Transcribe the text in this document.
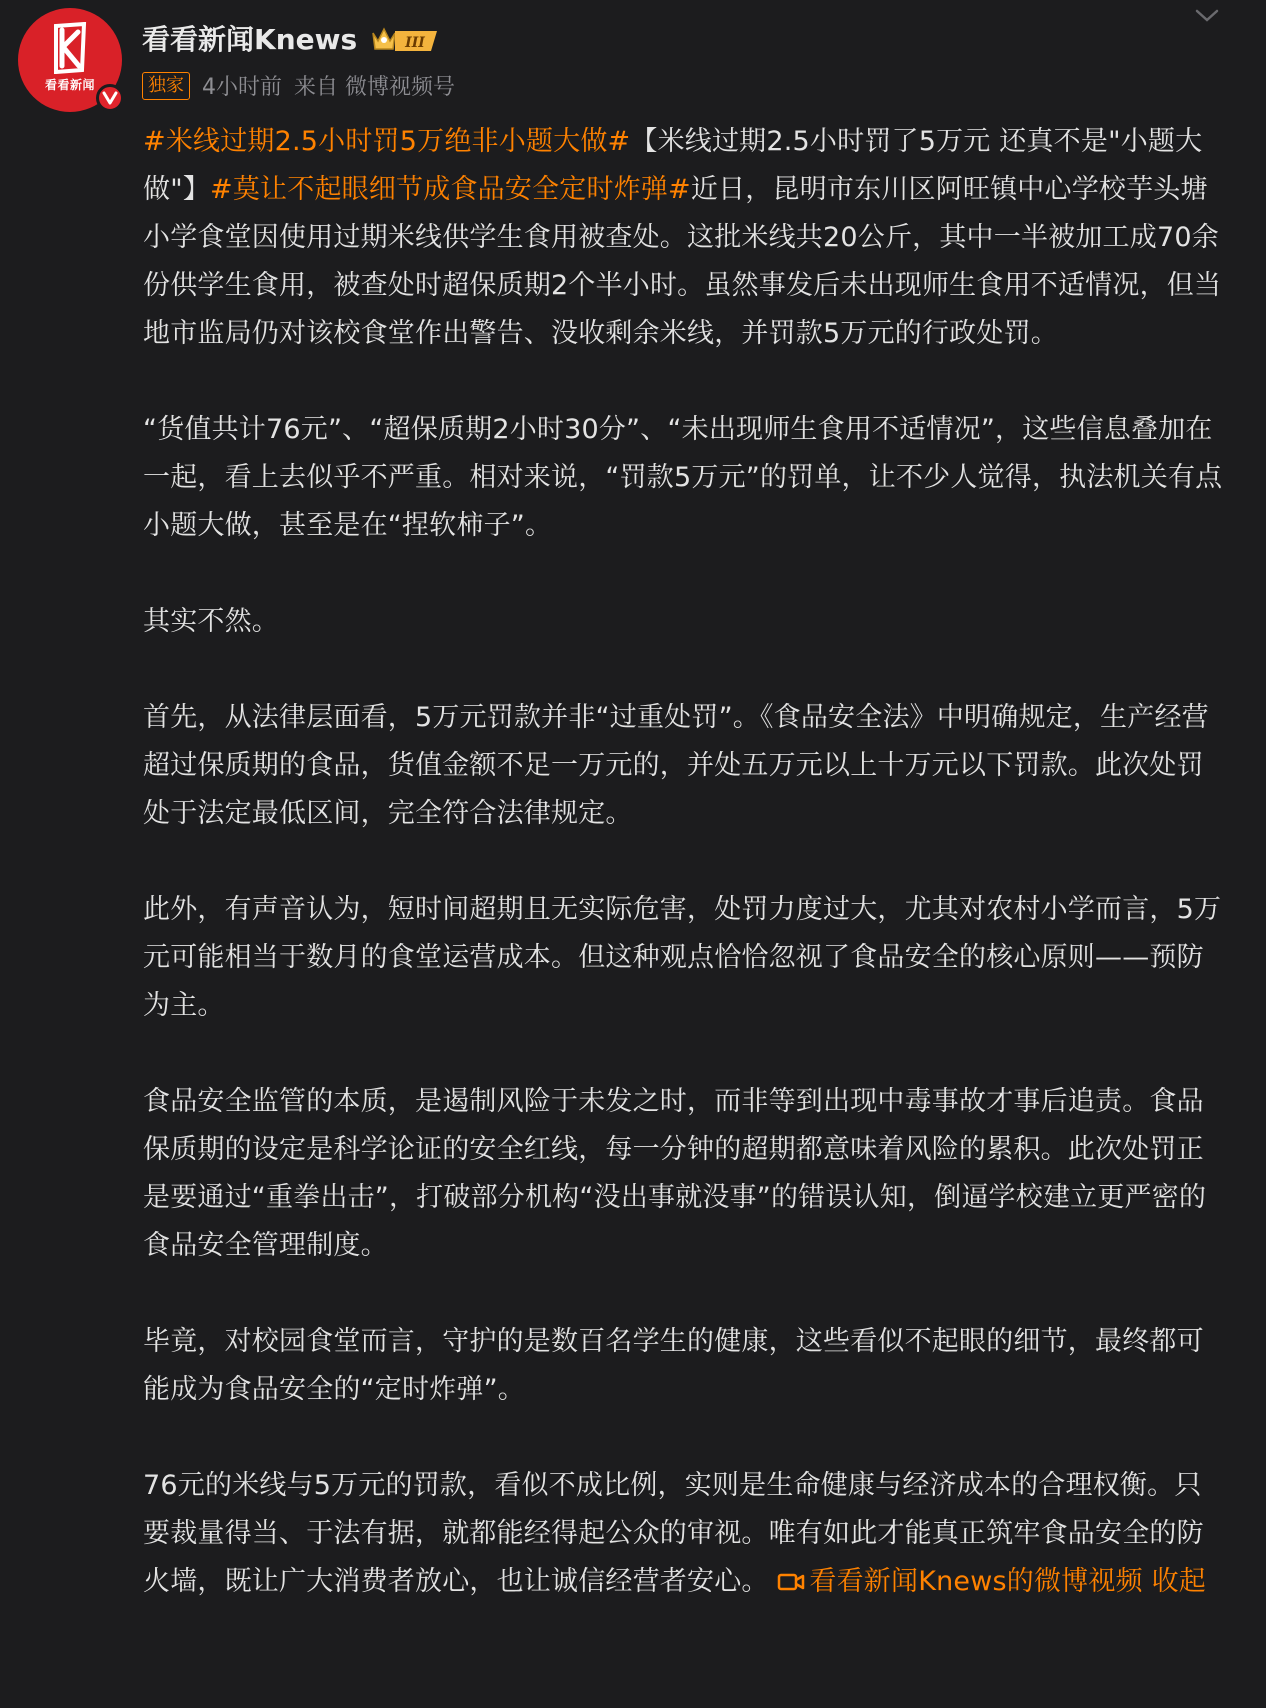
看看新闻
看看新闻Knews	III
独家 4小时前 来自 微博视频号

#米线过期2.5小时罚5万绝非小题大做#【米线过期2.5小时罚了5万元 还真不是"小题大做"】#莫让不起眼细节成食品安全定时炸弹#近日，昆明市东川区阿旺镇中心学校芋头塘小学食堂因使用过期米线供学生食用被查处。这批米线共20公斤，其中一半被加工成70余份供学生食用，被查处时超保质期2个半小时。虽然事发后未出现师生食用不适情况，但当地市监局仍对该校食堂作出警告、没收剩余米线，并罚款5万元的行政处罚。

“货值共计76元”、“超保质期2小时30分”、“未出现师生食用不适情况”，这些信息叠加在一起，看上去似乎不严重。相对来说，“罚款5万元”的罚单，让不少人觉得，执法机关有点小题大做，甚至是在“捏软柿子”。

其实不然。

首先，从法律层面看，5万元罚款并非“过重处罚”。《食品安全法》中明确规定，生产经营超过保质期的食品，货值金额不足一万元的，并处五万元以上十万元以下罚款。此次处罚处于法定最低区间，完全符合法律规定。

此外，有声音认为，短时间超期且无实际危害，处罚力度过大，尤其对农村小学而言，5万元可能相当于数月的食堂运营成本。但这种观点恰恰忽视了食品安全的核心原则——预防为主。

食品安全监管的本质，是遏制风险于未发之时，而非等到出现中毒事故才事后追责。食品保质期的设定是科学论证的安全红线，每一分钟的超期都意味着风险的累积。此次处罚正是要通过“重拳出击”，打破部分机构“没出事就没事”的错误认知，倒逼学校建立更严密的食品安全管理制度。

毕竟，对校园食堂而言，守护的是数百名学生的健康，这些看似不起眼的细节，最终都可能成为食品安全的“定时炸弹”。

76元的米线与5万元的罚款，看似不成比例，实则是生命健康与经济成本的合理权衡。只要裁量得当、于法有据，就都能经得起公众的审视。唯有如此才能真正筑牢食品安全的防火墙，既让广大消费者放心，也让诚信经营者安心。 看看新闻Knews的微博视频 收起
